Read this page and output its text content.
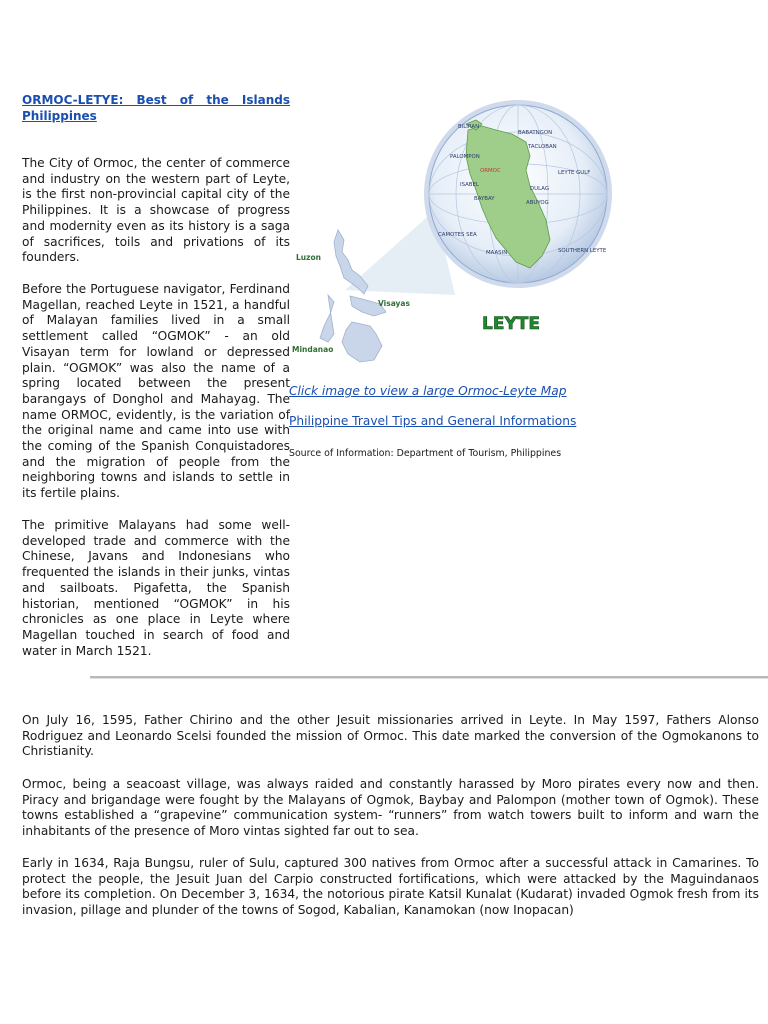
ORMOC-LETYE: Best of the Islands
Philippines

The City of Ormoc, the center of commerce and industry on the western part of Leyte, is the first non-provincial capital city of the Philippines. It is a showcase of progress and modernity even as its history is a saga of sacrifices, toils and privations of its founders.

Before the Portuguese navigator, Ferdinand Magellan, reached Leyte in 1521, a handful of Malayan families lived in a small settlement called “OGMOK” - an old Visayan term for lowland or depressed plain. “OGMOK” was also the name of a spring located between the present barangays of Donghol and Mahayag. The name ORMOC, evidently, is the variation of the original name and came into use with the coming of the Spanish Conquistadores and the migration of people from the neighboring towns and islands to settle in its fertile plains.

The primitive Malayans had some well-developed trade and commerce with the Chinese, Javans and Indonesians who frequented the islands in their junks, vintas and sailboats. Pigafetta, the Spanish historian, mentioned “OGMOK” in his chronicles as one place in Leyte where Magellan touched in search of food and water in March 1521.

BILIRAN
BABATNGON
TACLOBAN
ORMOC	LEYTE GULF
BAYBAY
CAMOTES SEA
MAASIN	SOUTHERN LEYTE
ISABEL
PALOMPON
DULAG
ABUYOG
Luzon
Visayas
Mindanao
LEYTE
Click image to view a large Ormoc-Leyte Map
Philippine Travel Tips and General Informations
Source of Information: Department of Tourism, Philippines

On July 16, 1595, Father Chirino and the other Jesuit missionaries arrived in Leyte. In May 1597, Fathers Alonso Rodriguez and Leonardo Scelsi founded the mission of Ormoc. This date marked the conversion of the Ogmokanons to Christianity.

Ormoc, being a seacoast village, was always raided and constantly harassed by Moro pirates every now and then. Piracy and brigandage were fought by the Malayans of Ogmok, Baybay and Palompon (mother town of Ogmok). These towns established a “grapevine” communication system- “runners” from watch towers built to inform and warn the inhabitants of the presence of Moro vintas sighted far out to sea.

Early in 1634, Raja Bungsu, ruler of Sulu, captured 300 natives from Ormoc after a successful attack in Camarines. To protect the people, the Jesuit Juan del Carpio constructed fortifications, which were attacked by the Maguindanaos before its completion. On December 3, 1634, the notorious pirate Katsil Kunalat (Kudarat) invaded Ogmok fresh from its invasion, pillage and plunder of the towns of Sogod, Kabalian, Kanamokan (now Inopacan)
